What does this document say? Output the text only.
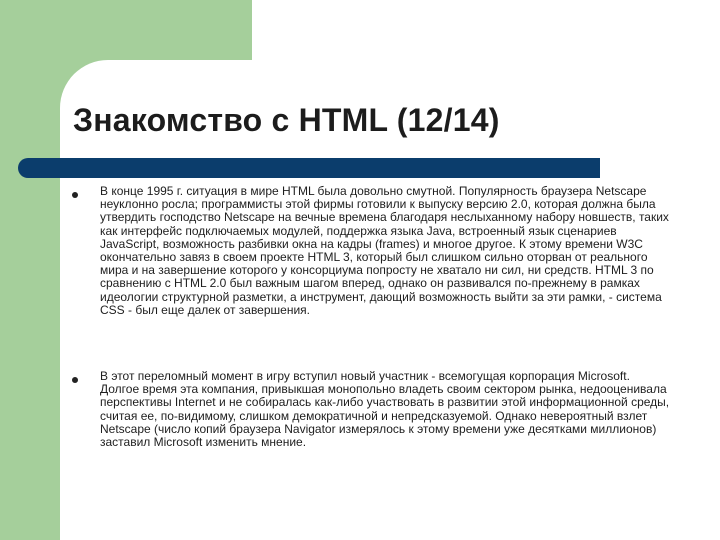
Знакомство с HTML (12/14)
В конце 1995 г. ситуация в мире HTML была довольно смутной. Популярность браузера Netscape неуклонно росла; программисты этой фирмы готовили к выпуску версию 2.0, которая должна была утвердить господство Netscape на вечные времена благодаря неслыханному набору новшеств, таких как интерфейс подключаемых модулей, поддержка языка Java, встроенный язык сценариев JavaScript, возможность разбивки окна на кадры (frames) и многое другое. К этому времени W3C окончательно завяз в своем проекте HTML 3, который был слишком сильно оторван от реального мира и на завершение которого у консорциума попросту не хватало ни сил, ни средств. HTML 3 по сравнению с HTML 2.0 был важным шагом вперед, однако он развивался по-прежнему в рамках идеологии структурной разметки, а инструмент, дающий возможность выйти за эти рамки, - система CSS - был еще далек от завершения.
В этот переломный момент в игру вступил новый участник - всемогущая корпорация Microsoft. Долгое время эта компания, привыкшая монопольно владеть своим сектором рынка, недооценивала перспективы Internet и не собиралась как-либо участвовать в развитии этой информационной среды, считая ее, по-видимому, слишком демократичной и непредсказуемой. Однако невероятный взлет Netscape (число копий браузера Navigator измерялось к этому времени уже десятками миллионов) заставил Microsoft изменить мнение.
